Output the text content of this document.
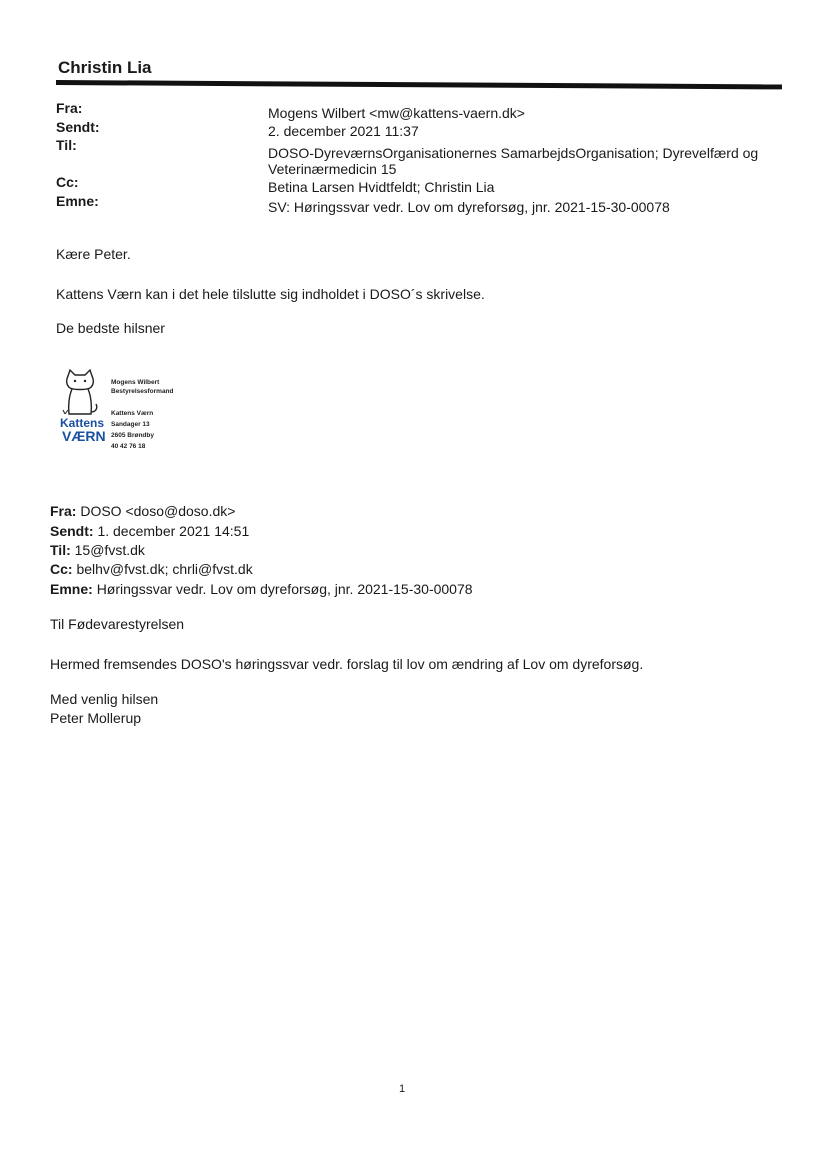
Christin Lia
Fra:
Sendt:
Til:
Cc:
Emne:
Mogens Wilbert <mw@kattens-vaern.dk>
2. december 2021 11:37
DOSO-DyreværnsOrganisationernes SamarbejdsOrganisation; Dyrevelfærd og
Veterinærmedicin 15
Betina Larsen Hvidtfeldt; Christin Lia
SV: Høringssvar vedr. Lov om dyreforsøg, jnr. 2021-15-30-00078
Kære Peter.
Kattens Værn kan i det hele tilslutte sig indholdet i DOSO´s skrivelse.
De bedste hilsner
Kattens
VÆRN
Mogens Wilbert
Bestyrelsesformand
Kattens Værn
Sandager 13
2605 Brøndby
40 42 76 18
Fra: DOSO <doso@doso.dk>
Sendt: 1. december 2021 14:51
Til: 15@fvst.dk
Cc: belhv@fvst.dk; chrli@fvst.dk
Emne: Høringssvar vedr. Lov om dyreforsøg, jnr. 2021-15-30-00078
Til Fødevarestyrelsen
Hermed fremsendes DOSO's høringssvar vedr. forslag til lov om ændring af Lov om dyreforsøg.
Med venlig hilsen
Peter Mollerup
1
